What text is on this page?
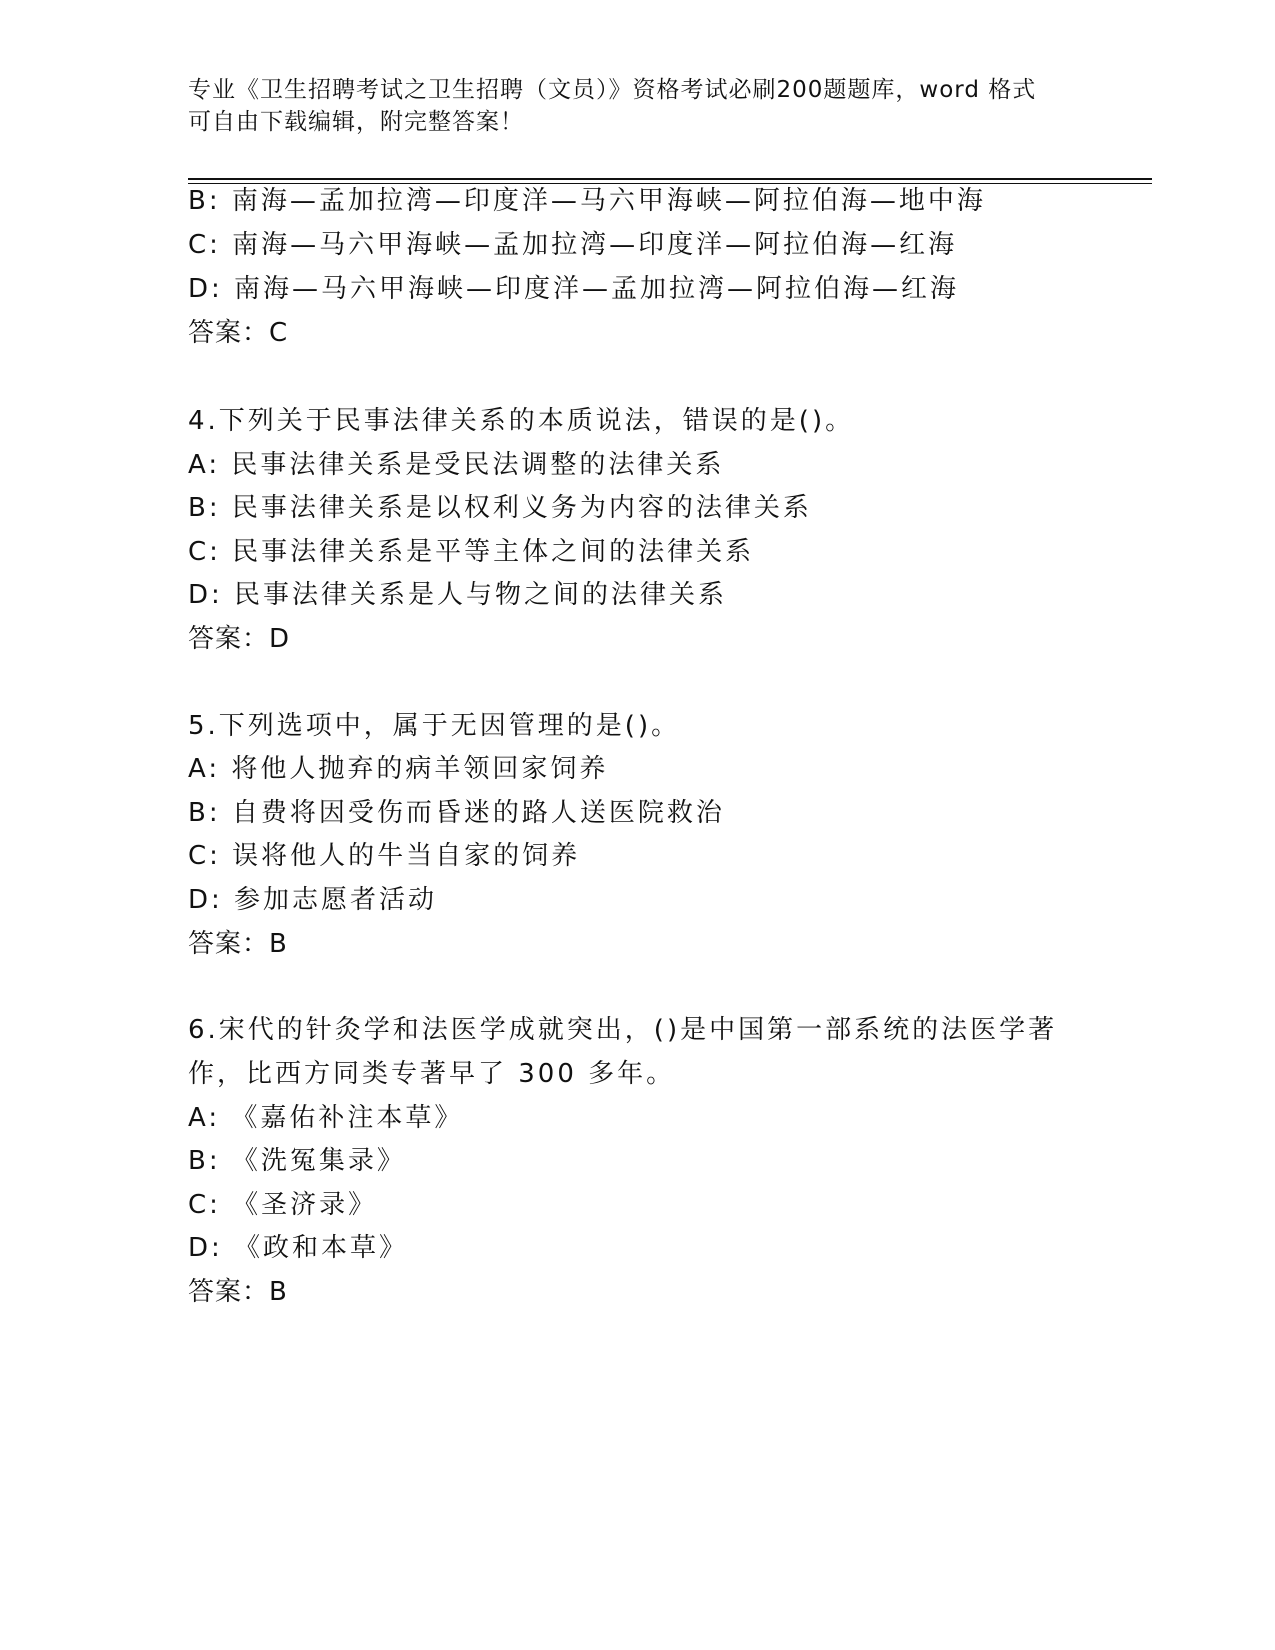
专业《卫生招聘考试之卫生招聘（文员）》资格考试必刷200题题库，word 格式
可自由下载编辑，附完整答案！
B: 南海—孟加拉湾—印度洋—马六甲海峡—阿拉伯海—地中海
C: 南海—马六甲海峡—孟加拉湾—印度洋—阿拉伯海—红海
D: 南海—马六甲海峡—印度洋—孟加拉湾—阿拉伯海—红海
答案：C
4.下列关于民事法律关系的本质说法，错误的是()。
A: 民事法律关系是受民法调整的法律关系
B: 民事法律关系是以权利义务为内容的法律关系
C: 民事法律关系是平等主体之间的法律关系
D: 民事法律关系是人与物之间的法律关系
答案：D
5.下列选项中，属于无因管理的是()。
A: 将他人抛弃的病羊领回家饲养
B: 自费将因受伤而昏迷的路人送医院救治
C: 误将他人的牛当自家的饲养
D: 参加志愿者活动
答案：B
6.宋代的针灸学和法医学成就突出，()是中国第一部系统的法医学著
作，比西方同类专著早了 300 多年。
A: 《嘉佑补注本草》
B: 《洗冤集录》
C: 《圣济录》
D: 《政和本草》
答案：B
